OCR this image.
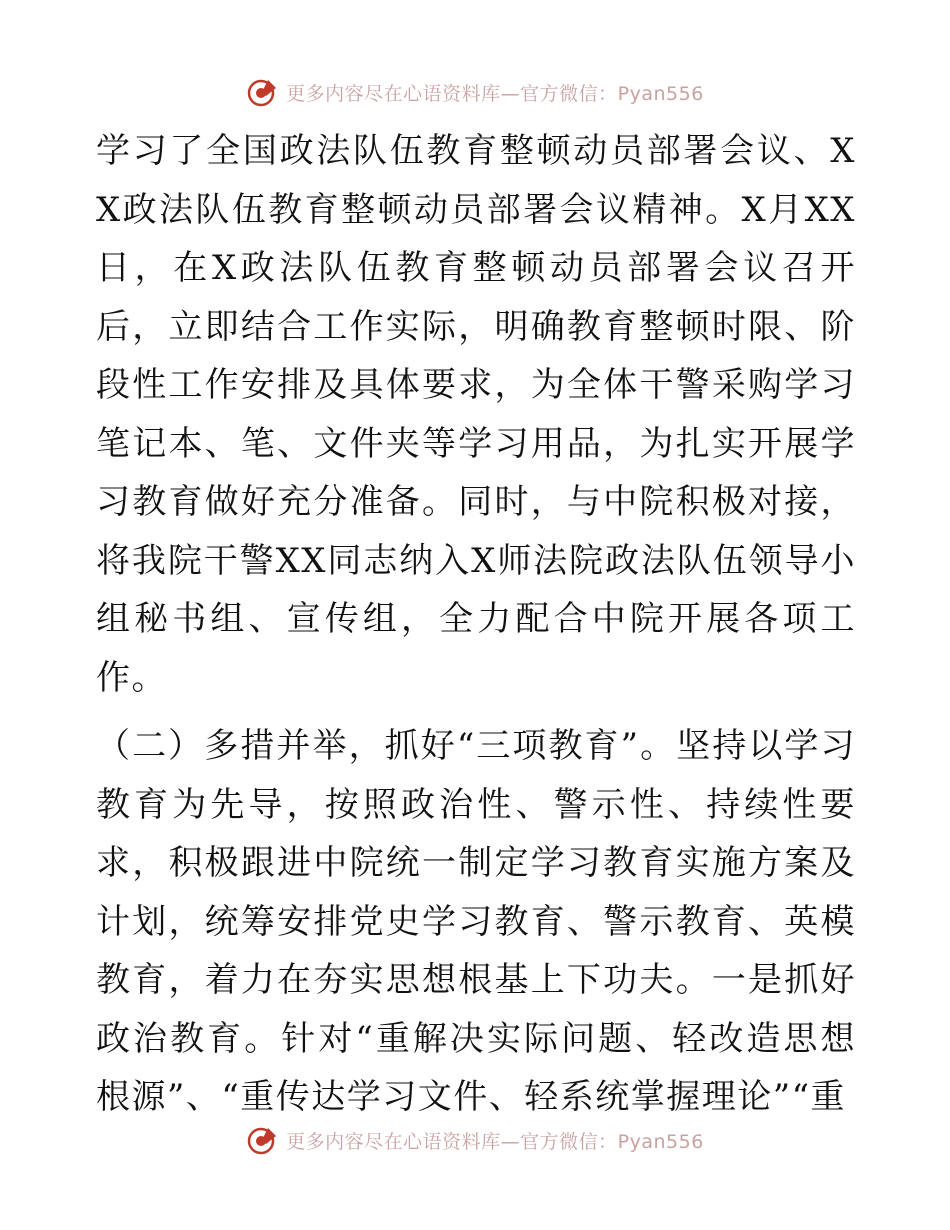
更多内容尽在心语资料库—官方微信：Pyan556

学习了全国政法队伍教育整顿动员部署会议、XX政法队伍教育整顿动员部署会议精神。X月XX日，在X政法队伍教育整顿动员部署会议召开后，立即结合工作实际，明确教育整顿时限、阶段性工作安排及具体要求，为全体干警采购学习笔记本、笔、文件夹等学习用品，为扎实开展学习教育做好充分准备。同时，与中院积极对接，将我院干警XX同志纳入X师法院政法队伍领导小组秘书组、宣传组，全力配合中院开展各项工作。

（二）多措并举，抓好“三项教育”。坚持以学习教育为先导，按照政治性、警示性、持续性要求，积极跟进中院统一制定学习教育实施方案及计划，统筹安排党史学习教育、警示教育、英模教育，着力在夯实思想根基上下功夫。一是抓好政治教育。针对“重解决实际问题、轻改造思想根源”、“重传达学习文件、轻系统掌握理论”“重

更多内容尽在心语资料库—官方微信：Pyan556
